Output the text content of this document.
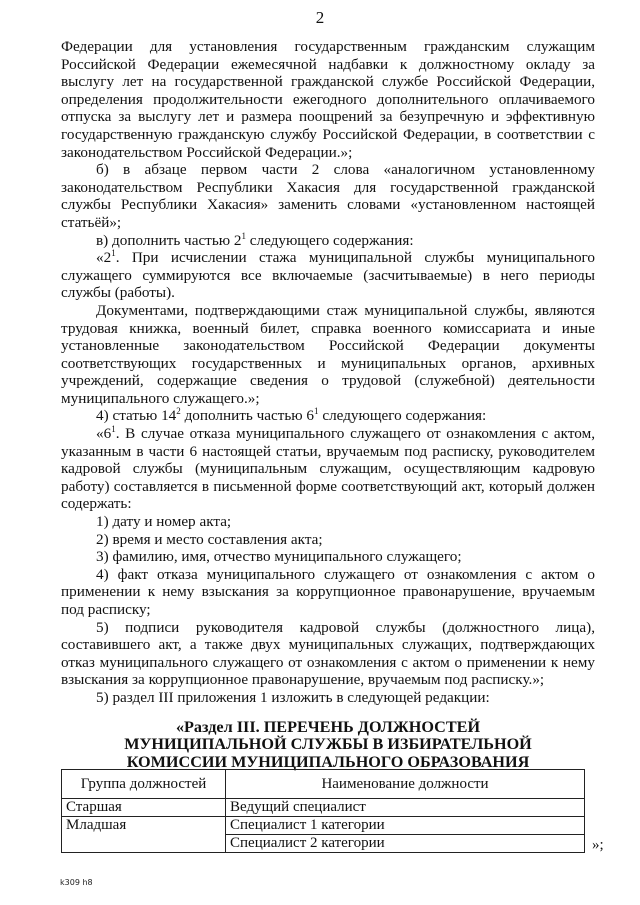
2

Федерации для установления государственным гражданским служащим Российской Федерации ежемесячной надбавки к должностному окладу за выслугу лет на государственной гражданской службе Российской Федерации, определения продолжительности ежегодного дополнительного оплачиваемого отпуска за выслугу лет и размера поощрений за безупречную и эффективную государственную гражданскую службу Российской Федерации, в соответствии с законодательством Российской Федерации.»;

б) в абзаце первом части 2 слова «аналогичном установленному законодательством Республики Хакасия для государственной гражданской службы Республики Хакасия» заменить словами «установленном настоящей статьёй»;

в) дополнить частью $2^1$ следующего содержания:

«$2^1$. При исчислении стажа муниципальной службы муниципального служащего суммируются все включаемые (засчитываемые) в него периоды службы (работы).

Документами, подтверждающими стаж муниципальной службы, являются трудовая книжка, военный билет, справка военного комиссариата и иные установленные законодательством Российской Федерации документы соответствующих государственных и муниципальных органов, архивных учреждений, содержащие сведения о трудовой (служебной) деятельности муниципального служащего.»;

4) статью $14^2$ дополнить частью $6^1$ следующего содержания:

«$6^1$. В случае отказа муниципального служащего от ознакомления с актом, указанным в части 6 настоящей статьи, вручаемым под расписку, руководителем кадровой службы (муниципальным служащим, осуществляющим кадровую работу) составляется в письменной форме соответствующий акт, который должен содержать:

1) дату и номер акта;

2) время и место составления акта;

3) фамилию, имя, отчество муниципального служащего;

4) факт отказа муниципального служащего от ознакомления с актом о применении к нему взыскания за коррупционное правонарушение, вручаемым под расписку;

5) подписи руководителя кадровой службы (должностного лица), составившего акт, а также двух муниципальных служащих, подтверждающих отказ муниципального служащего от ознакомления с актом о применении к нему взыскания за коррупционное правонарушение, вручаемым под расписку.»;

5) раздел III приложения 1 изложить в следующей редакции:

«Раздел III. ПЕРЕЧЕНЬ ДОЛЖНОСТЕЙ
МУНИЦИПАЛЬНОЙ СЛУЖБЫ В ИЗБИРАТЕЛЬНОЙ
КОМИССИИ МУНИЦИПАЛЬНОГО ОБРАЗОВАНИЯ
Группа должностей	Наименование должности
Старшая	Ведущий специалист
Младшая	Специалист 1 категории
	Специалист 2 категории	»;
k309 h8
